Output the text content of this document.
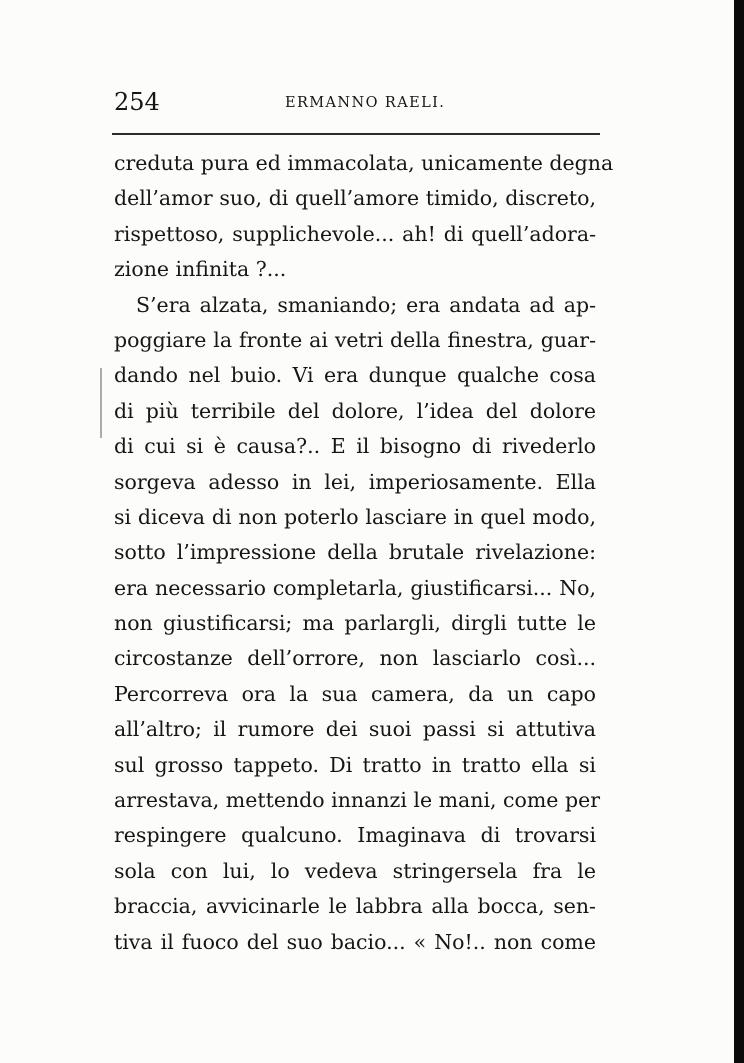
254	ERMANNO RAELI.
creduta pura ed immacolata, unicamente degna
dell’amor suo, di quell’amore timido, discreto,
rispettoso, supplichevole... ah! di quell’adora-
zione infinita ?...
S’era alzata, smaniando; era andata ad ap-
poggiare la fronte ai vetri della finestra, guar-
dando nel buio. Vi era dunque qualche cosa
di più terribile del dolore, l’idea del dolore
di cui si è causa?.. E il bisogno di rivederlo
sorgeva adesso in lei, imperiosamente. Ella
si diceva di non poterlo lasciare in quel modo,
sotto l’impressione della brutale rivelazione:
era necessario completarla, giustificarsi... No,
non giustificarsi; ma parlargli, dirgli tutte le
circostanze dell’orrore, non lasciarlo così...
Percorreva ora la sua camera, da un capo
all’altro; il rumore dei suoi passi si attutiva
sul grosso tappeto. Di tratto in tratto ella si
arrestava, mettendo innanzi le mani, come per
respingere qualcuno. Imaginava di trovarsi
sola con lui, lo vedeva stringersela fra le
braccia, avvicinarle le labbra alla bocca, sen-
tiva il fuoco del suo bacio... « No!.. non come
